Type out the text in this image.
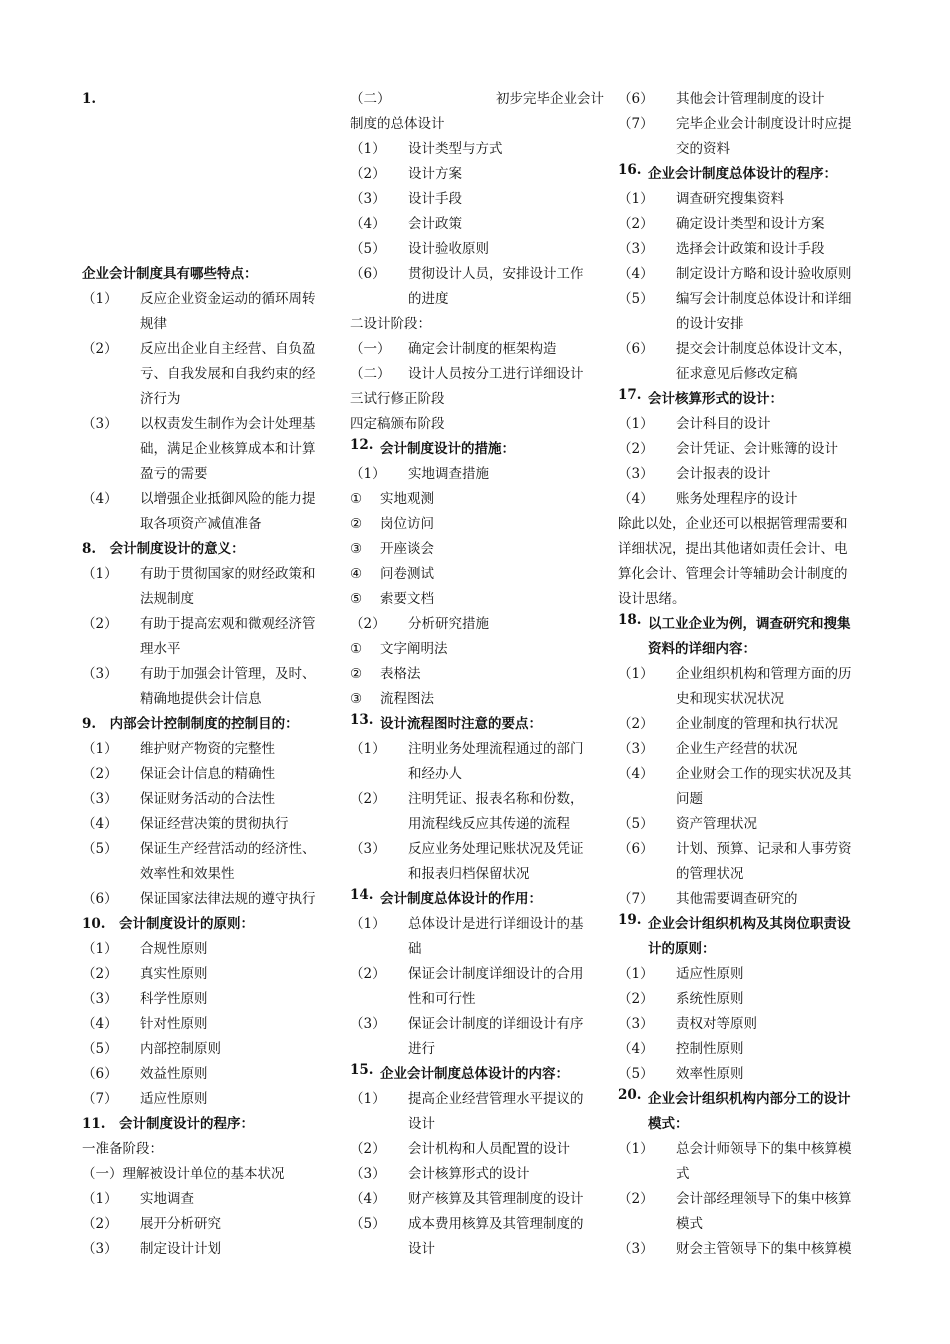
1.
企业会计制度具有哪些特点：
（1）	反应企业资金运动的循环周转
规律
（2）	反应出企业自主经营、自负盈
亏、自我发展和自我约束的经
济行为
（3）	以权责发生制作为会计处理基
础，满足企业核算成本和计算
盈亏的需要
（4）	以增强企业抵御风险的能力提
取各项资产减值准备
8.　会计制度设计的意义：
（1）	有助于贯彻国家的财经政策和
法规制度
（2）	有助于提高宏观和微观经济管
理水平
（3）	有助于加强会计管理，及时、
精确地提供会计信息
9.　内部会计控制制度的控制目的：
（1）	维护财产物资的完整性
（2）	保证会计信息的精确性
（3）	保证财务活动的合法性
（4）	保证经营决策的贯彻执行
（5）	保证生产经营活动的经济性、
效率性和效果性
（6）	保证国家法律法规的遵守执行
10.　会计制度设计的原则：
（1）	合规性原则
（2）	真实性原则
（3）	科学性原则
（4）	针对性原则
（5）	内部控制原则
（6）	效益性原则
（7）	适应性原则
11.　会计制度设计的程序：
一准备阶段：
（一）理解被设计单位的基本状况
（1）	实地调查
（2）	展开分析研究
（3）	制定设计计划
（二）	初步完毕企业会计
制度的总体设计
（1）	设计类型与方式
（2）	设计方案
（3）	设计手段
（4）	会计政策
（5）	设计验收原则
（6）	贯彻设计人员，安排设计工作
的进度
二设计阶段：
（一）	确定会计制度的框架构造
（二）	设计人员按分工进行详细设计
三试行修正阶段
四定稿颁布阶段
12. 会计制度设计的措施：
（1）	实地调查措施
①	实地观测
②	岗位访问
③	开座谈会
④	问卷测试
⑤	索要文档
（2）	分析研究措施
①	文字阐明法
②	表格法
③	流程图法
13. 设计流程图时注意的要点：
（1）	注明业务处理流程通过的部门
和经办人
（2）	注明凭证、报表名称和份数，
用流程线反应其传递的流程
（3）	反应业务处理记账状况及凭证
和报表归档保留状况
14. 会计制度总体设计的作用：
（1）	总体设计是进行详细设计的基
础
（2）	保证会计制度详细设计的合用
性和可行性
（3）	保证会计制度的详细设计有序
进行
15. 企业会计制度总体设计的内容：
（1）	提高企业经营管理水平提议的
设计
（2）	会计机构和人员配置的设计
（3）	会计核算形式的设计
（4）	财产核算及其管理制度的设计
（5）	成本费用核算及其管理制度的
设计
（6）	其他会计管理制度的设计
（7）	完毕企业会计制度设计时应提
交的资料
16. 企业会计制度总体设计的程序：
（1）	调查研究搜集资料
（2）	确定设计类型和设计方案
（3）	选择会计政策和设计手段
（4）	制定设计方略和设计验收原则
（5）	编写会计制度总体设计和详细
的设计安排
（6）	提交会计制度总体设计文本，
征求意见后修改定稿
17. 会计核算形式的设计：
（1）	会计科目的设计
（2）	会计凭证、会计账簿的设计
（3）	会计报表的设计
（4）	账务处理程序的设计
除此以处，企业还可以根据管理需要和
详细状况，提出其他诸如责任会计、电
算化会计、管理会计等辅助会计制度的
设计思绪。
18. 以工业企业为例，调查研究和搜集
资料的详细内容：
（1）	企业组织机构和管理方面的历
史和现实状况状况
（2）	企业制度的管理和执行状况
（3）	企业生产经营的状况
（4）	企业财会工作的现实状况及其
问题
（5）	资产管理状况
（6）	计划、预算、记录和人事劳资
的管理状况
（7）	其他需要调查研究的
19. 企业会计组织机构及其岗位职责设
计的原则：
（1）	适应性原则
（2）	系统性原则
（3）	责权对等原则
（4）	控制性原则
（5）	效率性原则
20. 企业会计组织机构内部分工的设计
模式：
（1）	总会计师领导下的集中核算模
式
（2）	会计部经理领导下的集中核算
模式
（3）	财会主管领导下的集中核算模
